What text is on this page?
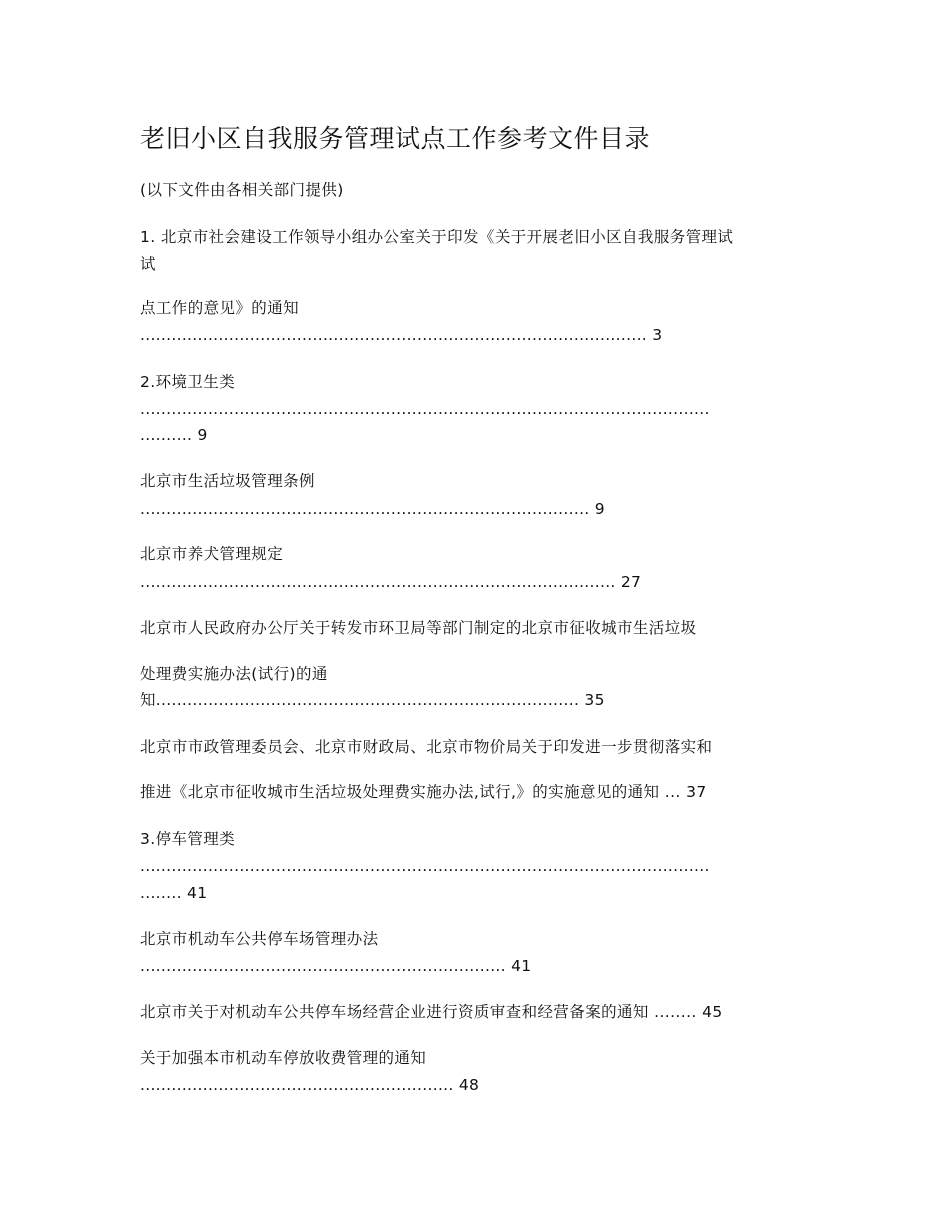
老旧小区自我服务管理试点工作参考文件目录
(以下文件由各相关部门提供)
1. 北京市社会建设工作领导小组办公室关于印发《关于开展老旧小区自我服务管理试
试
点工作的意见》的通知
................................................................................................. 3
2.环境卫生类
.............................................................................................................
.......... 9
北京市生活垃圾管理条例
...................................................................................... 9
北京市养犬管理规定
........................................................................................... 27
北京市人民政府办公厅关于转发市环卫局等部门制定的北京市征收城市生活垃圾
处理费实施办法(试行)的通
知................................................................................. 35
北京市市政管理委员会、北京市财政局、北京市物价局关于印发进一步贯彻落实和
推进《北京市征收城市生活垃圾处理费实施办法,试行,》的实施意见的通知 ... 37
3.停车管理类
.............................................................................................................
........ 41
北京市机动车公共停车场管理办法
...................................................................... 41
北京市关于对机动车公共停车场经营企业进行资质审查和经营备案的通知 ........ 45
关于加强本市机动车停放收费管理的通知
............................................................ 48
